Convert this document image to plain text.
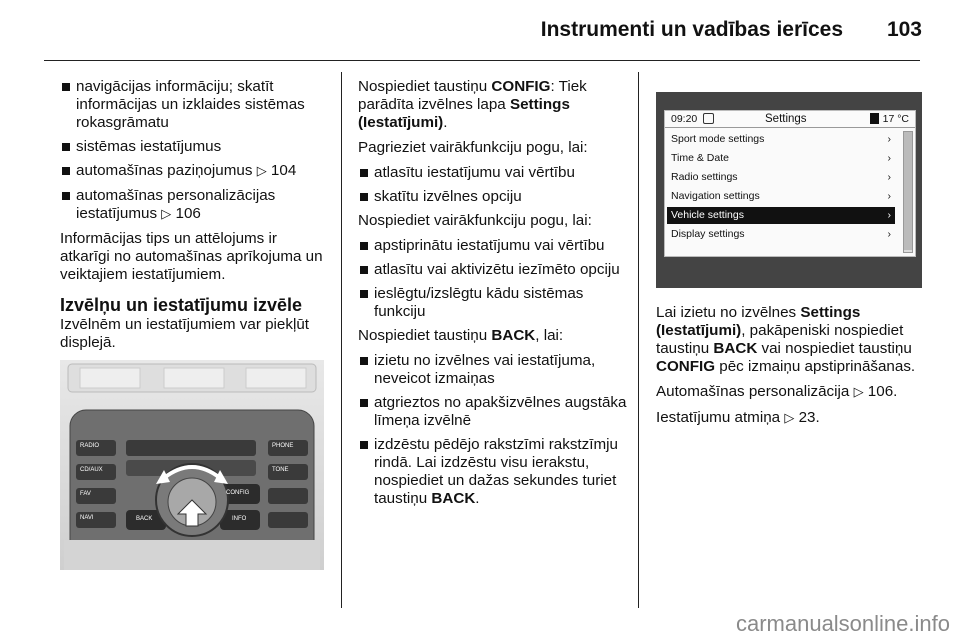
Instrumenti un vadības ierīces 103
navigācijas informāciju; skatīt informācijas un izklaides sistēmas rokasgrāmatu
sistēmas iestatījumus
automašīnas paziņojumus ▷ 104
automašīnas personalizācijas iestatījumus ▷ 106

Informācijas tips un attēlojums ir atkarīgi no automašīnas aprīkojuma un veiktajiem iestatījumiem.

Izvēlņu un iestatījumu izvēle

Izvēlnēm un iestatījumiem var piekļūt displejā.

RADIO
CD/AUX
FAV
NAVI
PHONE
BACK
CONFIG
INFO
TONE

Nospiediet taustiņu CONFIG: Tiek parādīta izvēlnes lapa Settings (Iestatījumi).

Pagrieziet vairākfunkciju pogu, lai:

atlasītu iestatījumu vai vērtību
skatītu izvēlnes opciju

Nospiediet vairākfunkciju pogu, lai:

apstiprinātu iestatījumu vai vērtību
atlasītu vai aktivizētu iezīmēto opciju
ieslēgtu/izslēgtu kādu sistēmas funkciju

Nospiediet taustiņu BACK, lai:

izietu no izvēlnes vai iestatījuma, neveicot izmaiņas
atgrieztos no apakšizvēlnes augstāka līmeņa izvēlnē
izdzēstu pēdējo rakstzīmi rakstzīmju rindā. Lai izdzēstu visu ierakstu, nospiediet un dažas sekundes turiet taustiņu BACK.
09:20	Settings	17 °C
Sport mode settings	›
Time & Date	›
Radio settings	›
Navigation settings	›
Vehicle settings	›
Display settings	›

Lai izietu no izvēlnes Settings (Iestatījumi), pakāpeniski nospiediet taustiņu BACK vai nospiediet taustiņu CONFIG pēc izmaiņu apstiprināšanas.

Automašīnas personalizācija ▷ 106.

Iestatījumu atmiņa ▷ 23.

carmanualsonline.info
